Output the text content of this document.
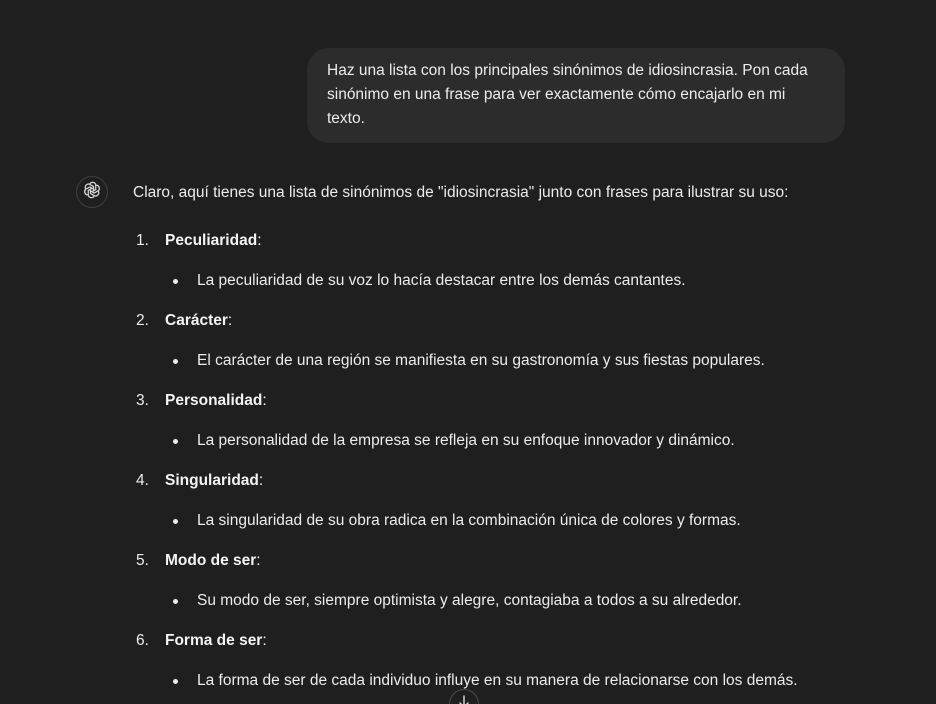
Haz una lista con los principales sinónimos de idiosincrasia. Pon cada sinónimo en una frase para ver exactamente cómo encajarlo en mi texto.
Claro, aquí tienes una lista de sinónimos de "idiosincrasia" junto con frases para ilustrar su uso:
1.	Peculiaridad:
La peculiaridad de su voz lo hacía destacar entre los demás cantantes.
2.	Carácter:
El carácter de una región se manifiesta en su gastronomía y sus fiestas populares.
3.	Personalidad:
La personalidad de la empresa se refleja en su enfoque innovador y dinámico.
4.	Singularidad:
La singularidad de su obra radica en la combinación única de colores y formas.
5.	Modo de ser:
Su modo de ser, siempre optimista y alegre, contagiaba a todos a su alrededor.
6.	Forma de ser:
La forma de ser de cada individuo influye en su manera de relacionarse con los demás.
